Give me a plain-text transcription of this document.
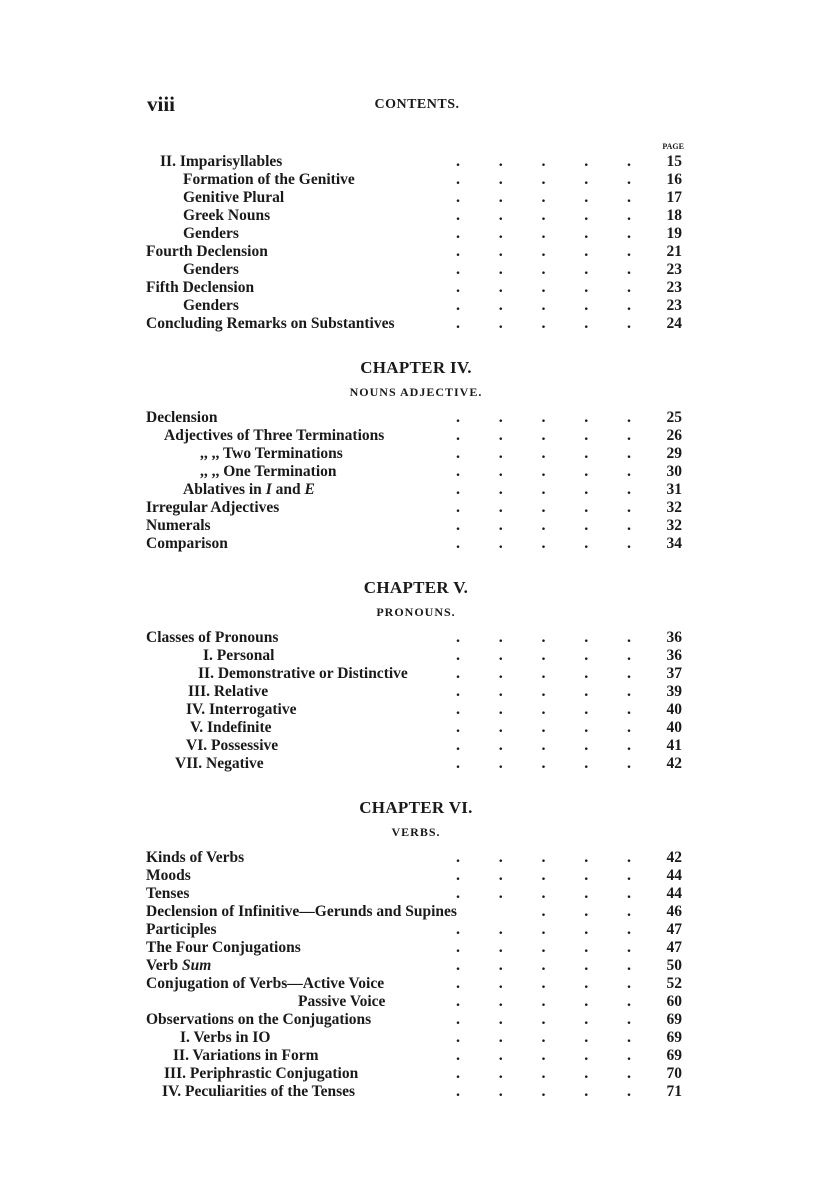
viii	CONTENTS.
PAGE
II. Imparisyllables	. . . . .	15
Formation of the Genitive	. . . . .	16
Genitive Plural	. . . . .	17
Greek Nouns	. . . . .	18
Genders	. . . . .	19
Fourth Declension	. . . . .	21
Genders	. . . . .	23
Fifth Declension	. . . . .	23
Genders	. . . . .	23
Concluding Remarks on Substantives	. . . . .	24
CHAPTER IV.
NOUNS ADJECTIVE.
Declension	. . . . .	25
Adjectives of Three Terminations	. . . . .	26
,, ,, Two Terminations	. . . . .	29
,, ,, One Termination	. . . . .	30
Ablatives in I and E	. . . . .	31
Irregular Adjectives	. . . . .	32
Numerals	. . . . .	32
Comparison	. . . . .	34
CHAPTER V.
PRONOUNS.
Classes of Pronouns	. . . . .	36
I. Personal	. . . . .	36
II. Demonstrative or Distinctive	. . . . .	37
III. Relative	. . . . .	39
IV. Interrogative	. . . . .	40
V. Indefinite	. . . . .	40
VI. Possessive	. . . . .	41
VII. Negative	. . . . .	42
CHAPTER VI.
VERBS.
Kinds of Verbs	. . . . .	42
Moods	. . . . .	44
Tenses	. . . . .	44
Declension of Infinitive—Gerunds and Supines	. . .	46
Participles	. . . . .	47
The Four Conjugations	. . . . .	47
Verb Sum	. . . . .	50
Conjugation of Verbs—Active Voice	. . . . .	52
Passive Voice	. . . . .	60
Observations on the Conjugations	. . . . .	69
I. Verbs in IO	. . . . .	69
II. Variations in Form	. . . . .	69
III. Periphrastic Conjugation	. . . . .	70
IV. Peculiarities of the Tenses	. . . . .	71
